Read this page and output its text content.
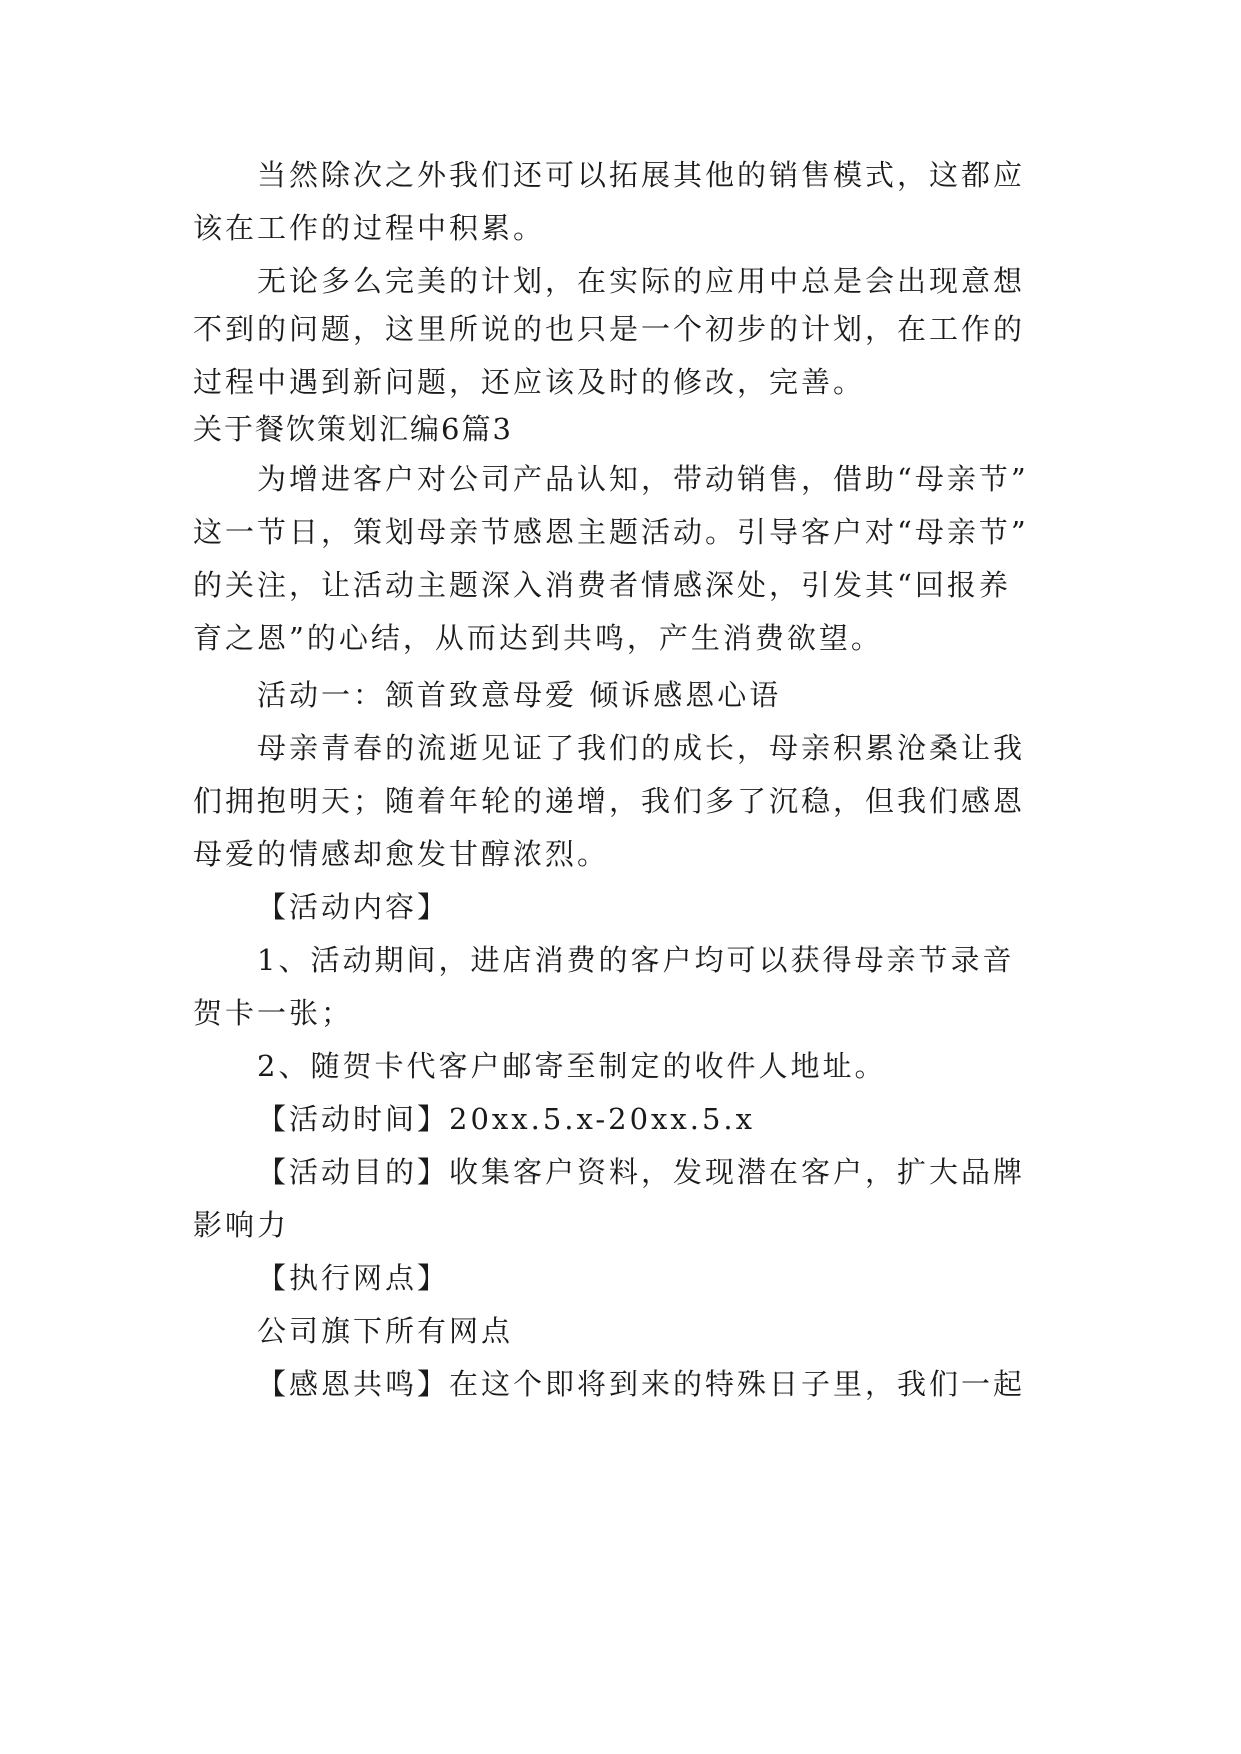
当然除次之外我们还可以拓展其他的销售模式，这都应

该在工作的过程中积累。

无论多么完美的计划，在实际的应用中总是会出现意想

不到的问题，这里所说的也只是一个初步的计划，在工作的

过程中遇到新问题，还应该及时的修改，完善。

关于餐饮策划汇编6篇3

为增进客户对公司产品认知，带动销售，借助“母亲节”

这一节日，策划母亲节感恩主题活动。引导客户对“母亲节”

的关注，让活动主题深入消费者情感深处，引发其“回报养

育之恩”的心结，从而达到共鸣，产生消费欲望。

活动一：颔首致意母爱 倾诉感恩心语

母亲青春的流逝见证了我们的成长，母亲积累沧桑让我

们拥抱明天；随着年轮的递增，我们多了沉稳，但我们感恩

母爱的情感却愈发甘醇浓烈。

【活动内容】

1、活动期间，进店消费的客户均可以获得母亲节录音

贺卡一张；

2、随贺卡代客户邮寄至制定的收件人地址。

【活动时间】20xx.5.x-20xx.5.x

【活动目的】收集客户资料，发现潜在客户，扩大品牌

影响力

【执行网点】

公司旗下所有网点

【感恩共鸣】在这个即将到来的特殊日子里，我们一起
